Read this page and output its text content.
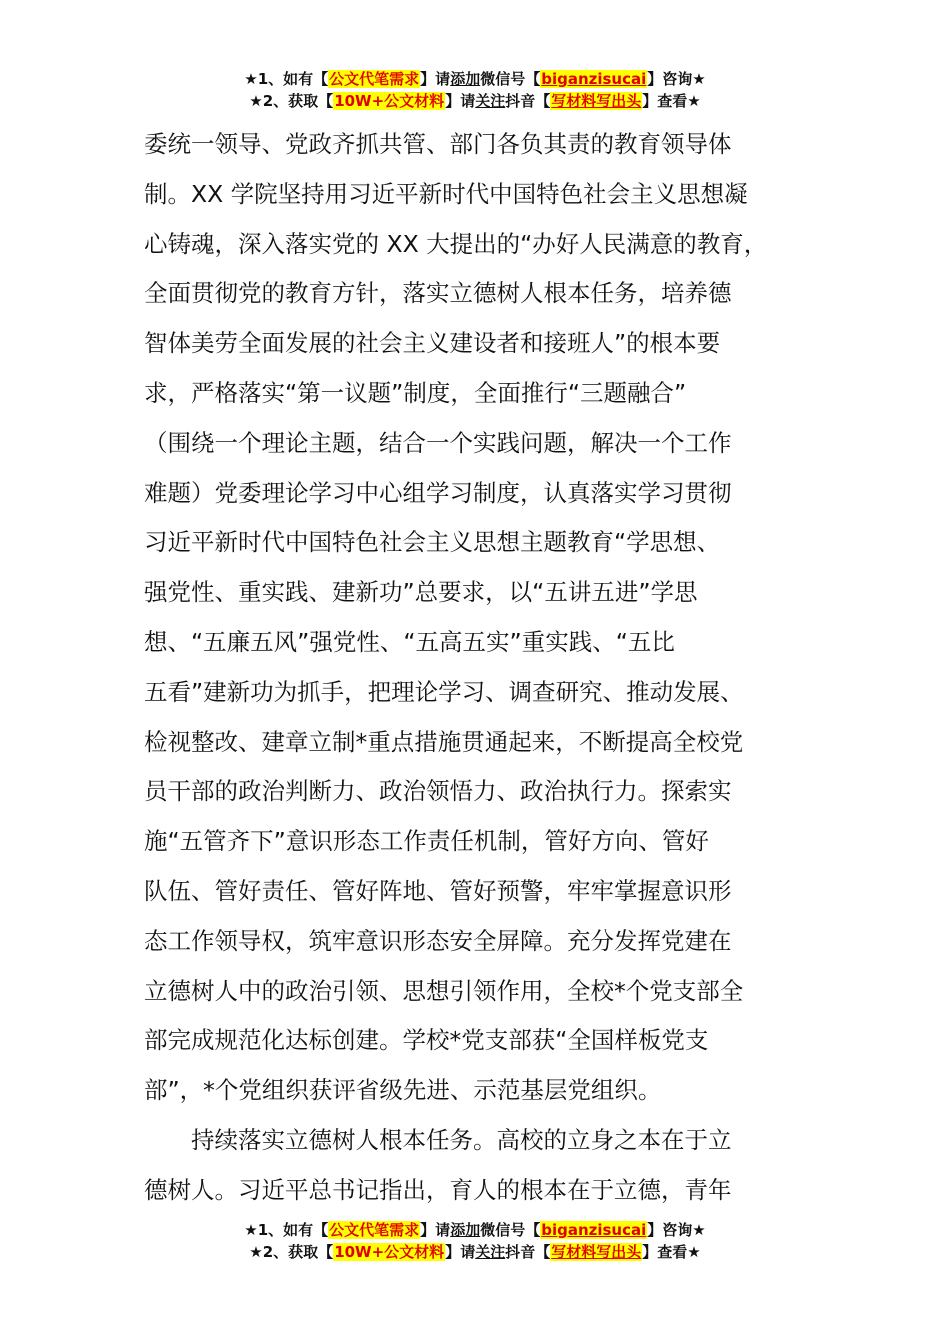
★1、如有【公文代笔需求】请添加微信号【biganzisucai】咨询★
★2、获取【10W+公文材料】请关注抖音【写材料写出头】查看★
委统一领导、党政齐抓共管、部门各负其责的教育领导体
制。XX 学院坚持用习近平新时代中国特色社会主义思想凝
心铸魂，深入落实党的 XX 大提出的“办好人民满意的教育，
全面贯彻党的教育方针，落实立德树人根本任务，培养德
智体美劳全面发展的社会主义建设者和接班人”的根本要
求，严格落实“第一议题”制度，全面推行“三题融合”
（围绕一个理论主题，结合一个实践问题，解决一个工作
难题）党委理论学习中心组学习制度，认真落实学习贯彻
习近平新时代中国特色社会主义思想主题教育“学思想、
强党性、重实践、建新功”总要求，以“五讲五进”学思
想、“五廉五风”强党性、“五高五实”重实践、“五比
五看”建新功为抓手，把理论学习、调查研究、推动发展、
检视整改、建章立制*重点措施贯通起来，不断提高全校党
员干部的政治判断力、政治领悟力、政治执行力。探索实
施“五管齐下”意识形态工作责任机制，管好方向、管好
队伍、管好责任、管好阵地、管好预警，牢牢掌握意识形
态工作领导权，筑牢意识形态安全屏障。充分发挥党建在
立德树人中的政治引领、思想引领作用，全校*个党支部全
部完成规范化达标创建。学校*党支部获“全国样板党支
部”，*个党组织获评省级先进、示范基层党组织。
　　持续落实立德树人根本任务。高校的立身之本在于立
德树人。习近平总书记指出，育人的根本在于立德，青年
★1、如有【公文代笔需求】请添加微信号【biganzisucai】咨询★
★2、获取【10W+公文材料】请关注抖音【写材料写出头】查看★
